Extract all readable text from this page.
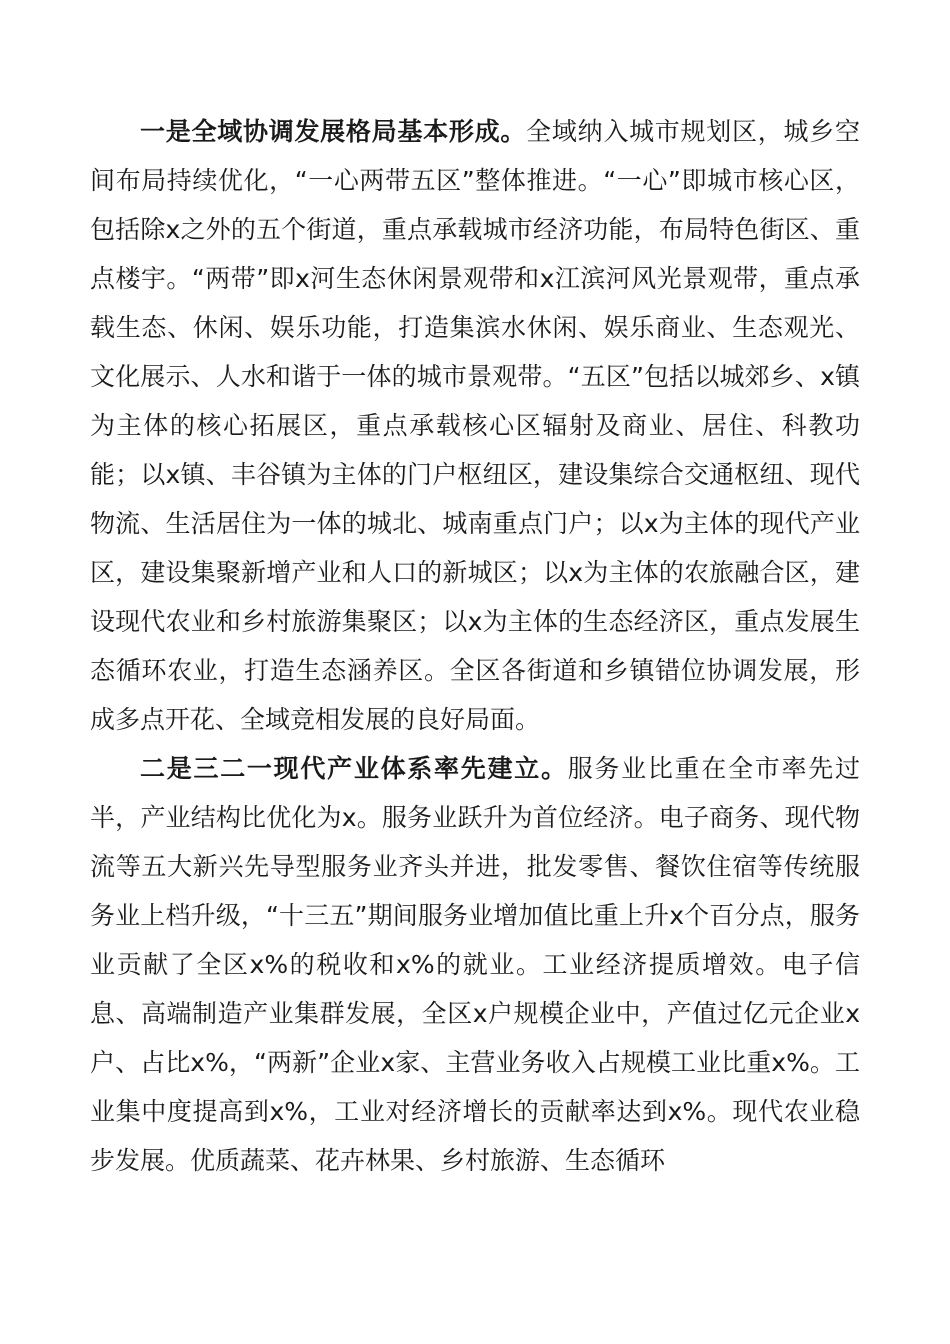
一是全域协调发展格局基本形成。全域纳入城市规划区，城乡空间布局持续优化，“一心两带五区”整体推进。“一心”即城市核心区，包括除x之外的五个街道，重点承载城市经济功能，布局特色街区、重点楼宇。“两带”即x河生态休闲景观带和x江滨河风光景观带，重点承载生态、休闲、娱乐功能，打造集滨水休闲、娱乐商业、生态观光、文化展示、人水和谐于一体的城市景观带。“五区”包括以城郊乡、x镇为主体的核心拓展区，重点承载核心区辐射及商业、居住、科教功能；以x镇、丰谷镇为主体的门户枢纽区，建设集综合交通枢纽、现代物流、生活居住为一体的城北、城南重点门户；以x为主体的现代产业区，建设集聚新增产业和人口的新城区；以x为主体的农旅融合区，建设现代农业和乡村旅游集聚区；以x为主体的生态经济区，重点发展生态循环农业，打造生态涵养区。全区各街道和乡镇错位协调发展，形成多点开花、全域竞相发展的良好局面。

二是三二一现代产业体系率先建立。服务业比重在全市率先过半，产业结构比优化为x。服务业跃升为首位经济。电子商务、现代物流等五大新兴先导型服务业齐头并进，批发零售、餐饮住宿等传统服务业上档升级，“十三五”期间服务业增加值比重上升x个百分点，服务业贡献了全区x%的税收和x%的就业。工业经济提质增效。电子信息、高端制造产业集群发展，全区x户规模企业中，产值过亿元企业x户、占比x%，“两新”企业x家、主营业务收入占规模工业比重x%。工业集中度提高到x%，工业对经济增长的贡献率达到x%。现代农业稳步发展。优质蔬菜、花卉林果、乡村旅游、生态循环
